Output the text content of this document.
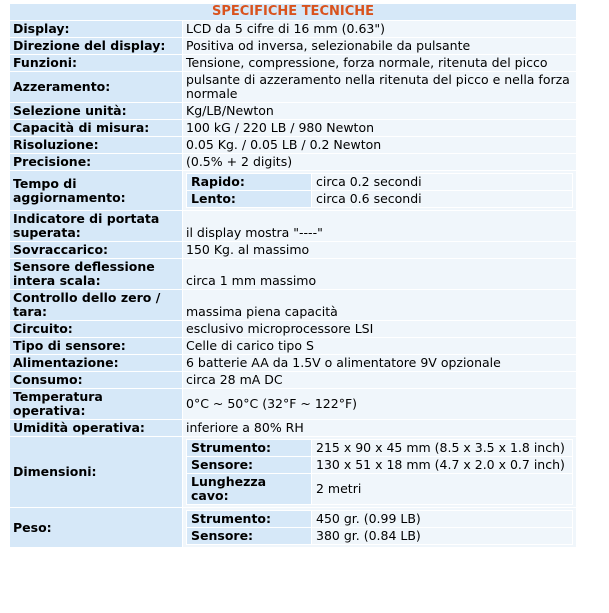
SPECIFICHE TECNICHE
Display:	LCD da 5 cifre di 16 mm (0.63")
Direzione del display:	Positiva od inversa, selezionabile da pulsante
Funzioni:	Tensione, compressione, forza normale, ritenuta del picco
Azzeramento:	pulsante di azzeramento nella ritenuta del picco e nella forza normale
Selezione unità:	Kg/LB/Newton
Capacità di misura:	100 kG / 220 LB / 980 Newton
Risoluzione:	0.05 Kg. / 0.05 LB / 0.2 Newton
Precisione:	(0.5% + 2 digits)
Tempo di aggiornamento:	
Rapido:	circa 0.2 secondi
Lento:	circa 0.6 secondi

Indicatore di portata superata:	il display mostra "----"
Sovraccarico:	150 Kg. al massimo
Sensore deflessione intera scala:	circa 1 mm massimo
Controllo dello zero / tara:	massima piena capacità
Circuito:	esclusivo microprocessore LSI
Tipo di sensore:	Celle di carico tipo S
Alimentazione:	6 batterie AA da 1.5V o alimentatore 9V opzionale
Consumo:	circa 28 mA DC
Temperatura operativa:	0°C ~ 50°C (32°F ~ 122°F)
Umidità operativa:	inferiore a 80% RH
Dimensioni:	
Strumento:	215 x 90 x 45 mm (8.5 x 3.5 x 1.8 inch)
Sensore:	130 x 51 x 18 mm (4.7 x 2.0 x 0.7 inch)
Lunghezza cavo:	2 metri

Peso:	
Strumento:	450 gr. (0.99 LB)
Sensore:	380 gr. (0.84 LB)
